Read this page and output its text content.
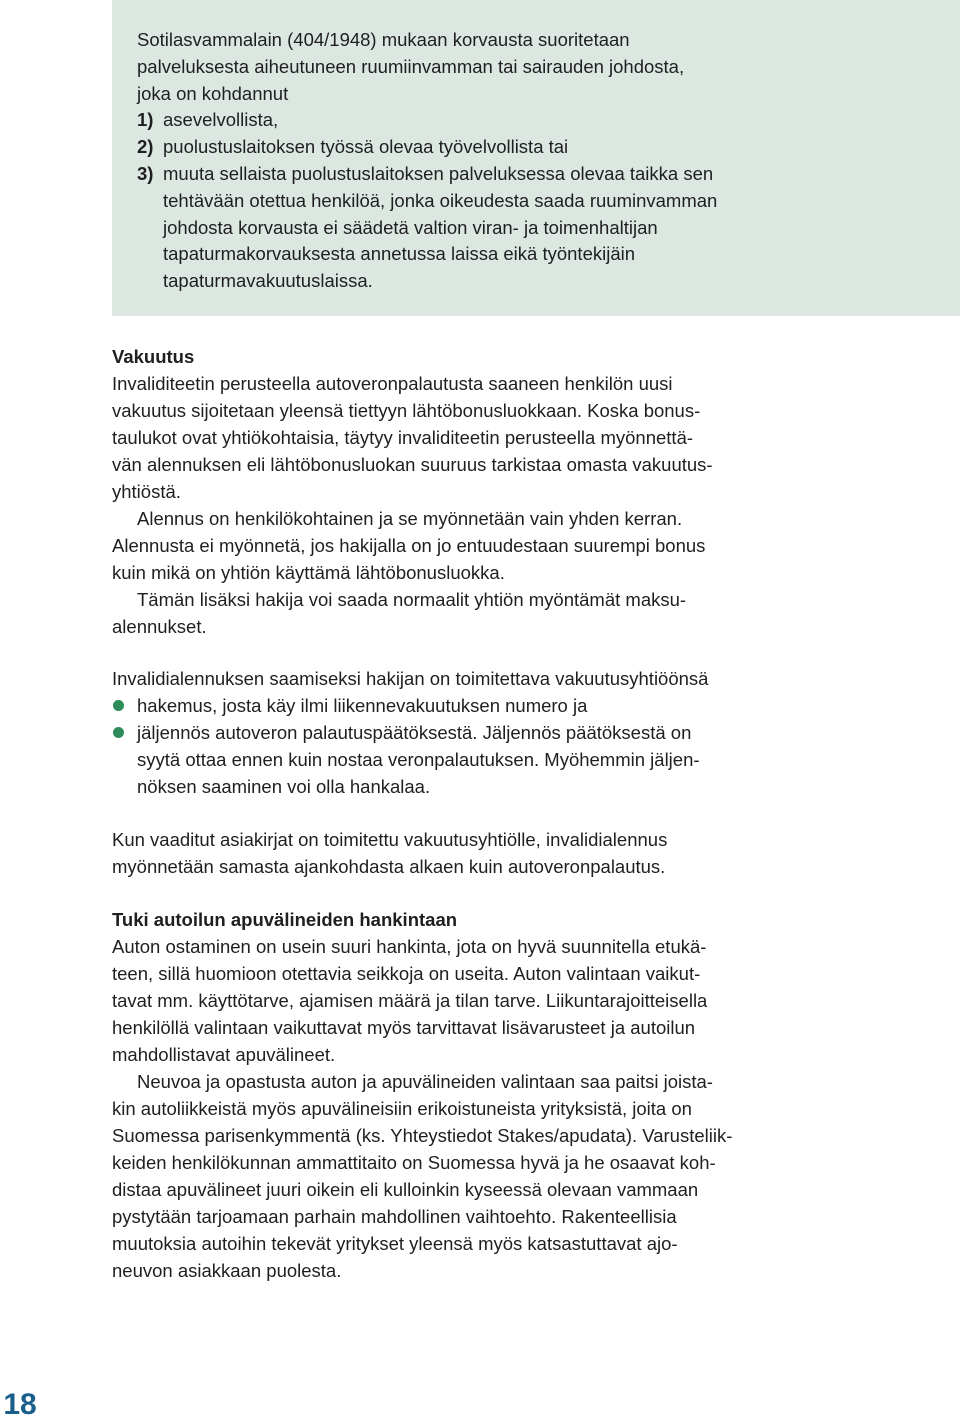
Sotilasvammalain (404/1948) mukaan korvausta suoritetaan
palveluksesta aiheutuneen ruumiinvamman tai sairauden johdosta,
joka on kohdannut
1) asevelvollista,
2) puolustuslaitoksen työssä olevaa työvelvollista tai
3) muuta sellaista puolustuslaitoksen palveluksessa olevaa taikka sen
tehtävään otettua henkilöä, jonka oikeudesta saada ruuminvamman
johdosta korvausta ei säädetä valtion viran- ja toimenhaltijan
tapaturmakorvauksesta annetussa laissa eikä työntekijäin
tapaturmavakuutuslaissa.
Vakuutus
Invaliditeetin perusteella autoveronpalautusta saaneen henkilön uusi
vakuutus sijoitetaan yleensä tiettyyn lähtöbonusluokkaan. Koska bonus-
taulukot ovat yhtiökohtaisia, täytyy invaliditeetin perusteella myönnettä-
vän alennuksen eli lähtöbonusluokan suuruus tarkistaa omasta vakuutus-
yhtiöstä.
Alennus on henkilökohtainen ja se myönnetään vain yhden kerran.
Alennusta ei myönnetä, jos hakijalla on jo entuudestaan suurempi bonus
kuin mikä on yhtiön käyttämä lähtöbonusluokka.
Tämän lisäksi hakija voi saada normaalit yhtiön myöntämät maksu-
alennukset.
Invalidialennuksen saamiseksi hakijan on toimitettava vakuutusyhtiöönsä
hakemus, josta käy ilmi liikennevakuutuksen numero ja
jäljennös autoveron palautuspäätöksestä. Jäljennös päätöksestä on
syytä ottaa ennen kuin nostaa veronpalautuksen. Myöhemmin jäljen-
nöksen saaminen voi olla hankalaa.
Kun vaaditut asiakirjat on toimitettu vakuutusyhtiölle, invalidialennus
myönnetään samasta ajankohdasta alkaen kuin autoveronpalautus.
Tuki autoilun apuvälineiden hankintaan
Auton ostaminen on usein suuri hankinta, jota on hyvä suunnitella etukä-
teen, sillä huomioon otettavia seikkoja on useita. Auton valintaan vaikut-
tavat mm. käyttötarve, ajamisen määrä ja tilan tarve. Liikuntarajoitteisella
henkilöllä valintaan vaikuttavat myös tarvittavat lisävarusteet ja autoilun
mahdollistavat apuvälineet.
Neuvoa ja opastusta auton ja apuvälineiden valintaan saa paitsi joista-
kin autoliikkeistä myös apuvälineisiin erikoistuneista yrityksistä, joita on
Suomessa parisenkymmentä (ks. Yhteystiedot Stakes/apudata). Varusteliik-
keiden henkilökunnan ammattitaito on Suomessa hyvä ja he osaavat koh-
distaa apuvälineet juuri oikein eli kulloinkin kyseessä olevaan vammaan
pystytään tarjoamaan parhain mahdollinen vaihtoehto. Rakenteellisia
muutoksia autoihin tekevät yritykset yleensä myös katsastuttavat ajo-
neuvon asiakkaan puolesta.
18
